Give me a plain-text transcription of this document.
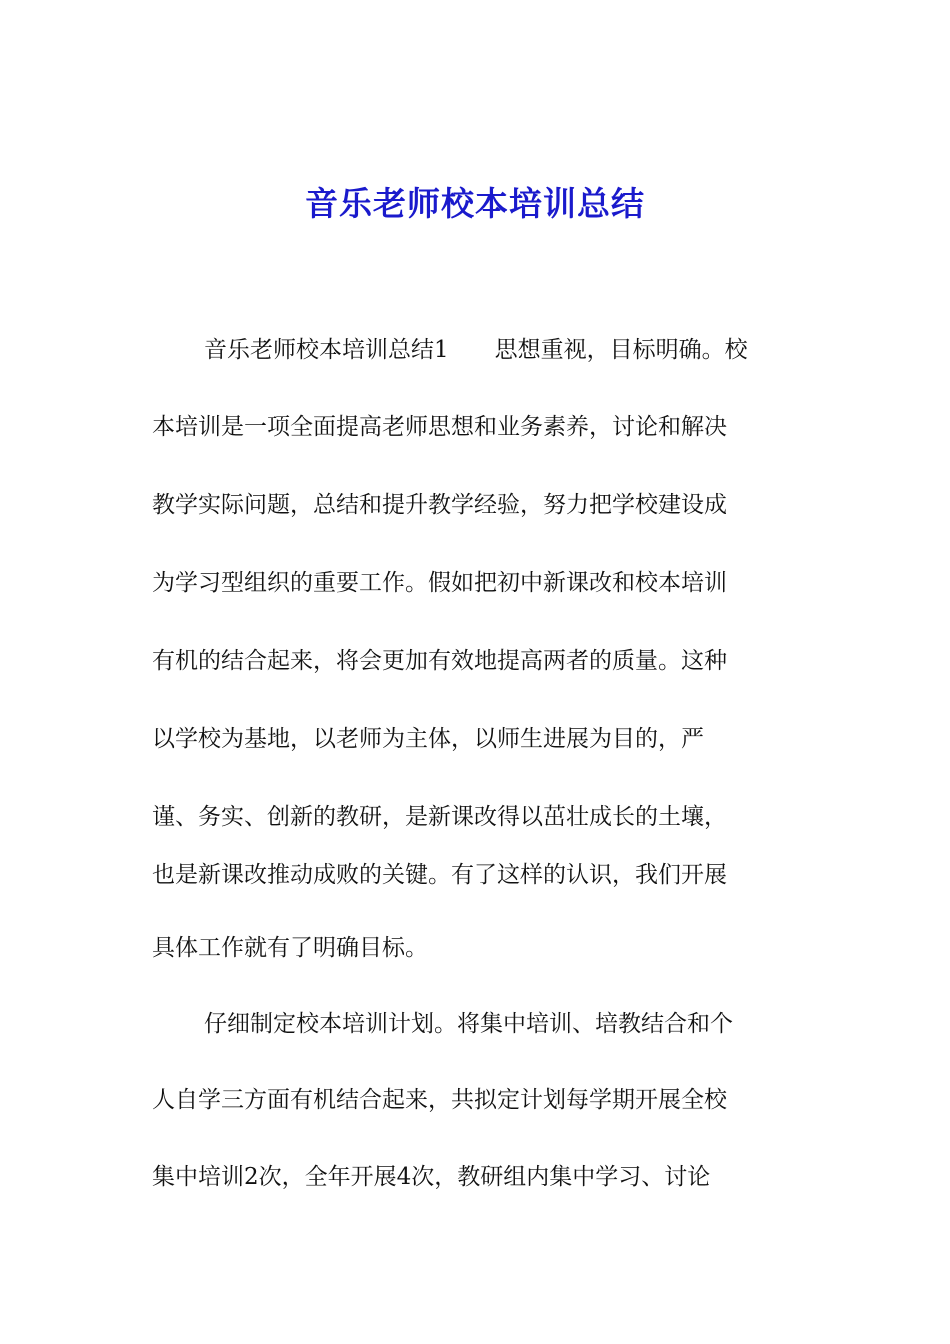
音乐老师校本培训总结

音乐老师校本培训总结1　　思想重视，目标明确。校

本培训是一项全面提高老师思想和业务素养，讨论和解决

教学实际问题，总结和提升教学经验，努力把学校建设成

为学习型组织的重要工作。假如把初中新课改和校本培训

有机的结合起来，将会更加有效地提高两者的质量。这种

以学校为基地，以老师为主体，以师生进展为目的，严

谨、务实、创新的教研，是新课改得以茁壮成长的土壤，

也是新课改推动成败的关键。有了这样的认识，我们开展

具体工作就有了明确目标。

仔细制定校本培训计划。将集中培训、培教结合和个

人自学三方面有机结合起来，共拟定计划每学期开展全校

集中培训2次，全年开展4次，教研组内集中学习、讨论
